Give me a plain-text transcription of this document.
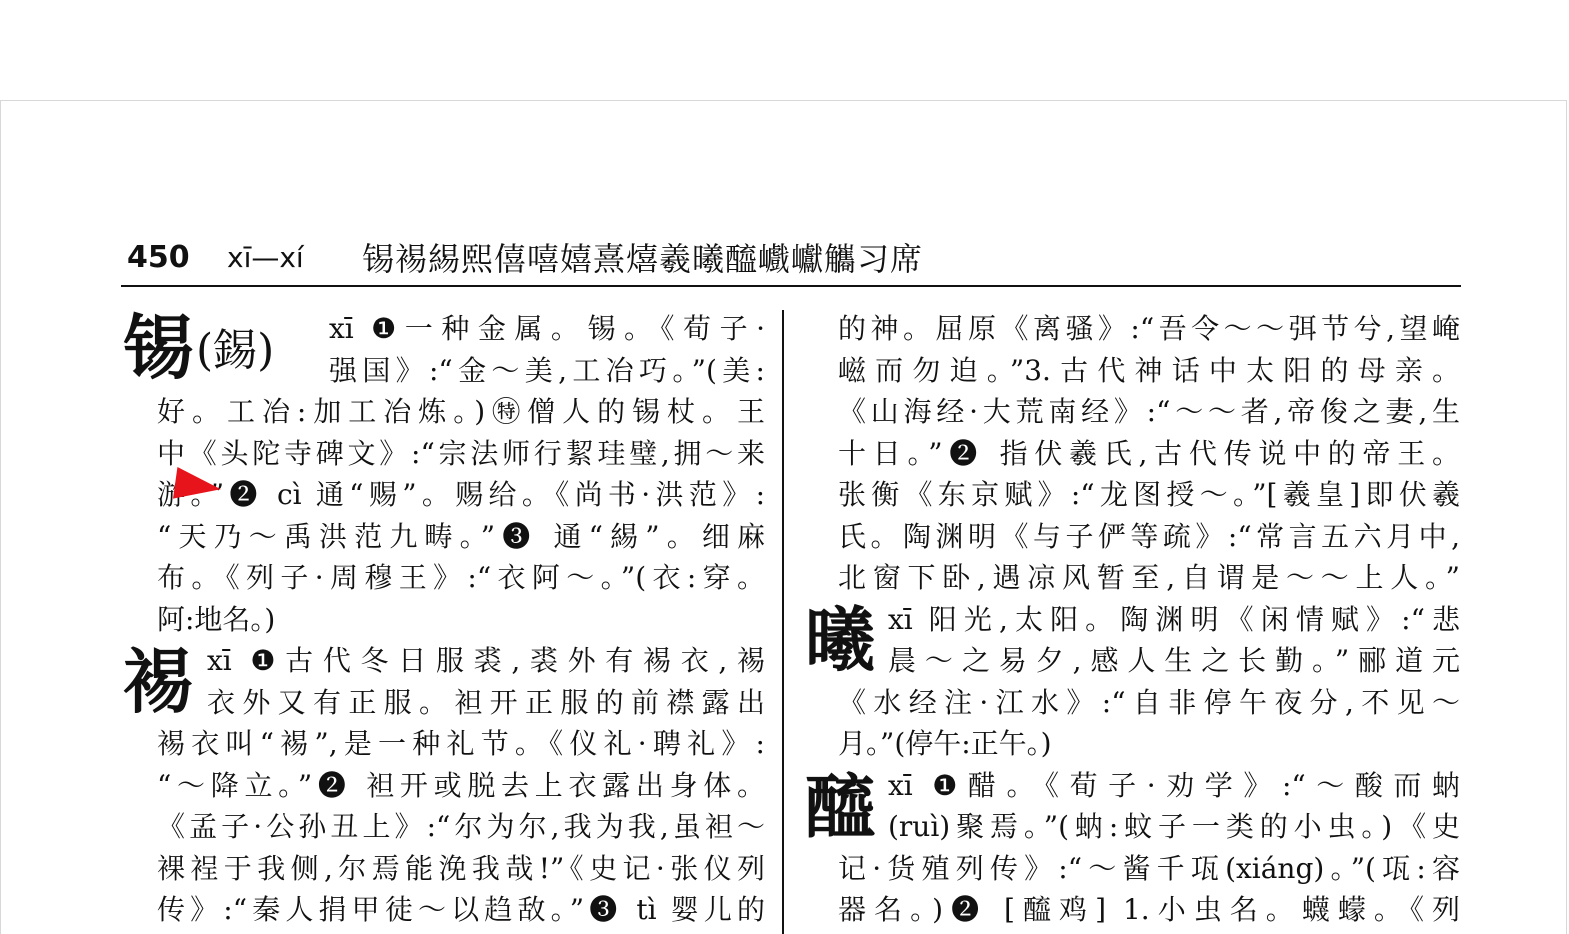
450	xī—xí	锡裼緆熙僖嘻嬉熹熺羲曦醯巇巘觿习席
锡 (錫)
裼
xī ❶一种金属。锡。《荀子·
强国》:“金～美,工冶巧。”(美:
好。工冶:加工冶炼。)㊕僧人的锡杖。王
中《头陀寺碑文》:“宗法师行絜珪璧,拥～来
游。”❷ cì 通“赐”。赐给。《尚书·洪范》:
“天乃～禹洪范九畴。”❸ 通“緆”。细麻
布。《列子·周穆王》:“衣阿～。”(衣:穿。
阿:地名。)
xī ❶古代冬日服裘,裘外有裼衣,裼
衣外又有正服。袒开正服的前襟露出
裼衣叫“裼”,是一种礼节。《仪礼·聘礼》:
“～降立。”❷ 袒开或脱去上衣露出身体。
《孟子·公孙丑上》:“尔为尔,我为我,虽袒～
裸裎于我侧,尔焉能浼我哉!”《史记·张仪列
传》:“秦人捐甲徒～以趋敌。”❸ tì 婴儿的
曦
醯
的神。屈原《离骚》:“吾令～～弭节兮,望崦
嵫而勿迫。”3.古代神话中太阳的母亲。
《山海经·大荒南经》:“～～者,帝俊之妻,生
十日。”❷ 指伏羲氏,古代传说中的帝王。
张衡《东京赋》:“龙图授～。”[羲皇]即伏羲
氏。陶渊明《与子俨等疏》:“常言五六月中,
北窗下卧,遇凉风暂至,自谓是～～上人。”
xī 阳光,太阳。陶渊明《闲情赋》:“悲
晨～之易夕,感人生之长勤。”郦道元
《水经注·江水》:“自非停午夜分,不见～
月。”(停午:正午。)
xī ❶醋。《荀子·劝学》:“～酸而蚋
(ruì)聚焉。”(蚋:蚊子一类的小虫。)《史
记·货殖列传》:“～酱千瓨(xiáng)。”(瓨:容
器名。)❷ [醯鸡] 1.小虫名。蠛蠓。《列
